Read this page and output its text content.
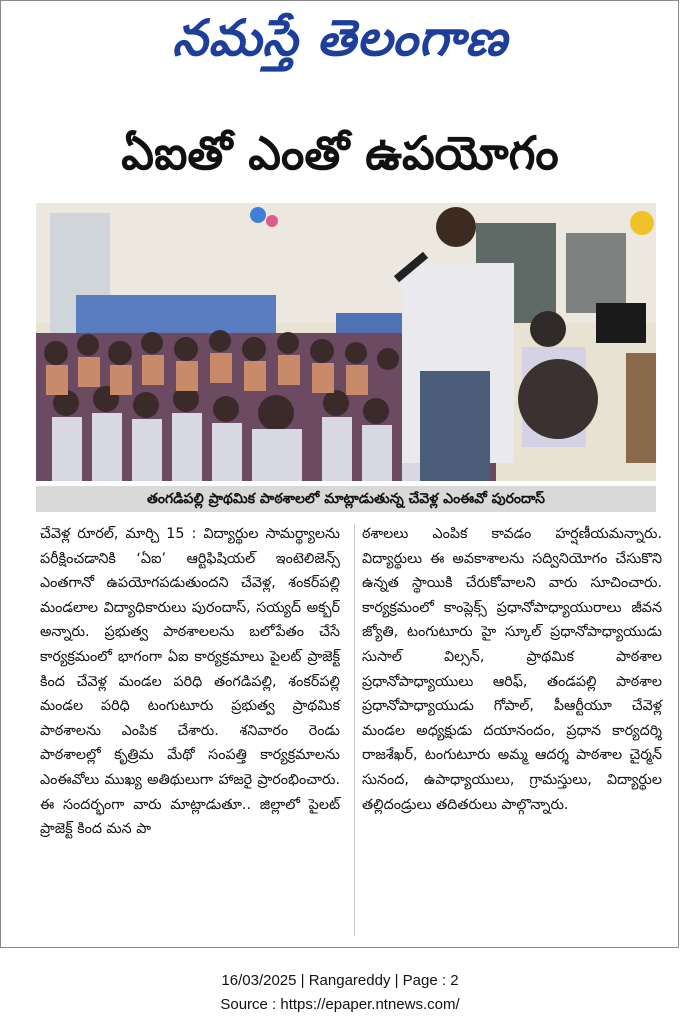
నమస్తే తెలంగాణ
ఏఐతో ఎంతో ఉపయోగం
తంగడిపల్లి ప్రాథమిక పాఠశాలలో మాట్లాడుతున్న చేవెళ్ల ఎంఈవో పురందాస్

చేవెళ్ల రూరల్, మార్చి 15 : విద్యార్థుల సామర్థ్యాలను పరీక్షించడానికి ‘ఏఐ’ ఆర్టిఫిషియల్ ఇంటెలిజెన్స్ ఎంతగానో ఉపయోగపడుతుందని చేవెళ్ల, శంకర్‌పల్లి మండలాల విద్యాధికారులు పురందాస్, సయ్యద్ అక్బర్ అన్నారు. ప్రభుత్వ పాఠశాలలను బలోపేతం చేసే కార్యక్రమంలో భాగంగా ఏఐ కార్యక్రమాలు పైలట్ ప్రాజెక్ట్ కింద చేవెళ్ల మండల పరిధి తంగడిపల్లి, శంకర్‌పల్లి మండల పరిధి టంగుటూరు ప్రభుత్వ ప్రాథమిక పాఠశాలను ఎంపిక చేశారు. శనివారం రెండు పాఠశాలల్లో కృత్రిమ మేథో సంపత్తి కార్యక్రమాలను ఎంఈవోలు ముఖ్య అతిథులుగా హాజరై ప్రారంభించారు. ఈ సందర్భంగా వారు మాట్లాడుతూ.. జిల్లాలో పైలట్ ప్రాజెక్ట్ కింద మన పా

ఠశాలలు ఎంపిక కావడం హర్షణీయమన్నారు. విద్యార్థులు ఈ అవకాశాలను సద్వినియోగం చేసుకొని ఉన్నత స్థాయికి చేరుకోవాలని వారు సూచించారు. కార్యక్రమంలో కాంప్లెక్స్ ప్రధానోపాధ్యాయురాలు జీవన జ్యోతి, టంగుటూరు హై స్కూల్ ప్రధానోపాధ్యాయుడు సుసాల్ విల్సన్, ప్రాథమిక పాఠశాల ప్రధానోపాధ్యాయులు ఆరిఫ్, తండపల్లి పాఠశాల ప్రధానోపాధ్యాయుడు గోపాల్, పీఆర్టీయూ చేవెళ్ల మండల అధ్యక్షుడు దయానందం, ప్రధాన కార్యదర్శి రాజశేఖర్, టంగుటూరు అమ్మ ఆదర్శ పాఠశాల చైర్మన్ సునంద, ఉపాధ్యాయులు, గ్రామస్తులు, విద్యార్థుల తల్లిదండ్రులు తదితరులు పాల్గొన్నారు.

16/03/2025 | Rangareddy | Page : 2
Source : https://epaper.ntnews.com/
